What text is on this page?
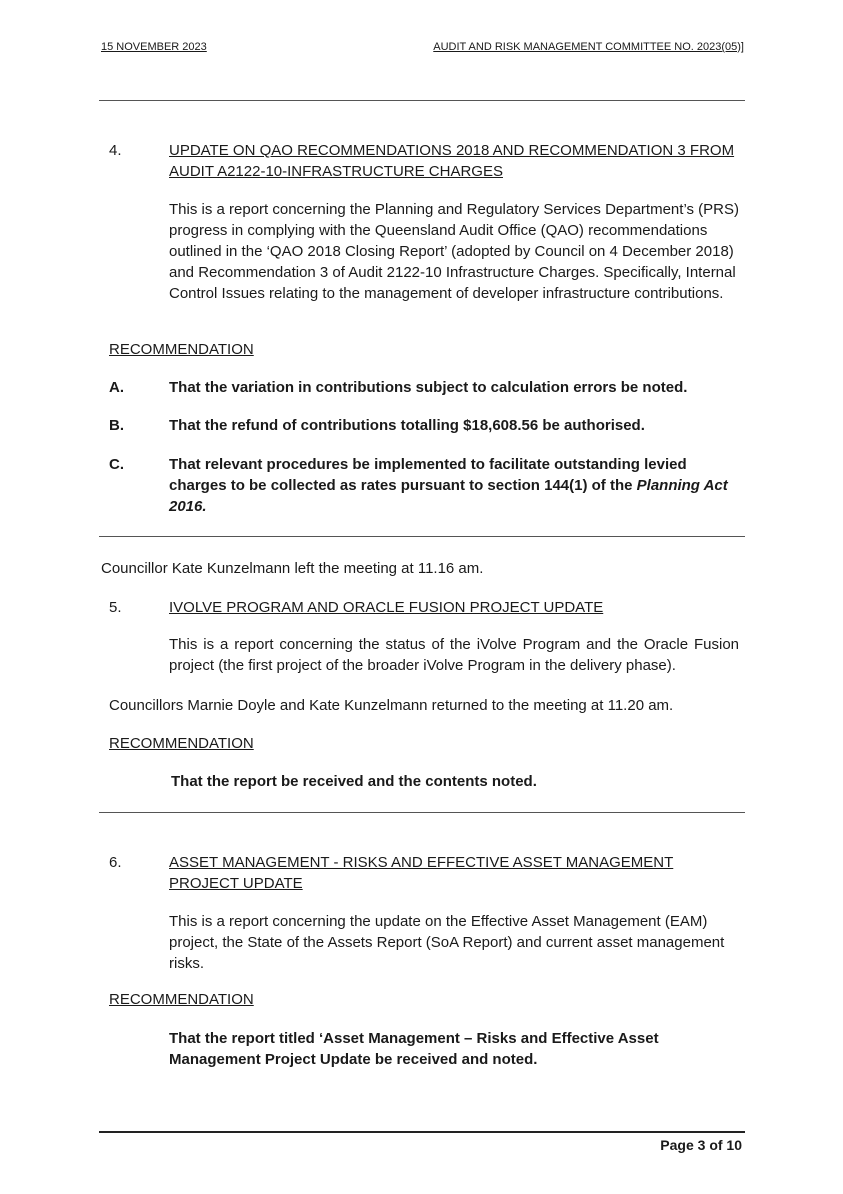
15 NOVEMBER 2023	AUDIT AND RISK MANAGEMENT COMMITTEE NO. 2023(05)]
4.	UPDATE ON QAO RECOMMENDATIONS 2018 AND RECOMMENDATION 3 FROM AUDIT A2122-10-INFRASTRUCTURE CHARGES
This is a report concerning the Planning and Regulatory Services Department’s (PRS) progress in complying with the Queensland Audit Office (QAO) recommendations outlined in the ‘QAO 2018 Closing Report’ (adopted by Council on 4 December 2018) and Recommendation 3 of Audit 2122-10 Infrastructure Charges. Specifically, Internal Control Issues relating to the management of developer infrastructure contributions.
RECOMMENDATION
A.	That the variation in contributions subject to calculation errors be noted.
B.	That the refund of contributions totalling $18,608.56 be authorised.
C.	That relevant procedures be implemented to facilitate outstanding levied charges to be collected as rates pursuant to section 144(1) of the Planning Act 2016.
Councillor Kate Kunzelmann left the meeting at 11.16 am.
5.	IVOLVE PROGRAM AND ORACLE FUSION PROJECT UPDATE
This is a report concerning the status of the iVolve Program and the Oracle Fusion project (the first project of the broader iVolve Program in the delivery phase).
Councillors Marnie Doyle and Kate Kunzelmann returned to the meeting at 11.20 am.
RECOMMENDATION
That the report be received and the contents noted.
6.	ASSET MANAGEMENT - RISKS AND EFFECTIVE ASSET MANAGEMENT PROJECT UPDATE
This is a report concerning the update on the Effective Asset Management (EAM) project, the State of the Assets Report (SoA Report) and current asset management risks.
RECOMMENDATION
That the report titled ‘Asset Management – Risks and Effective Asset Management Project Update be received and noted.
Page 3 of 10
